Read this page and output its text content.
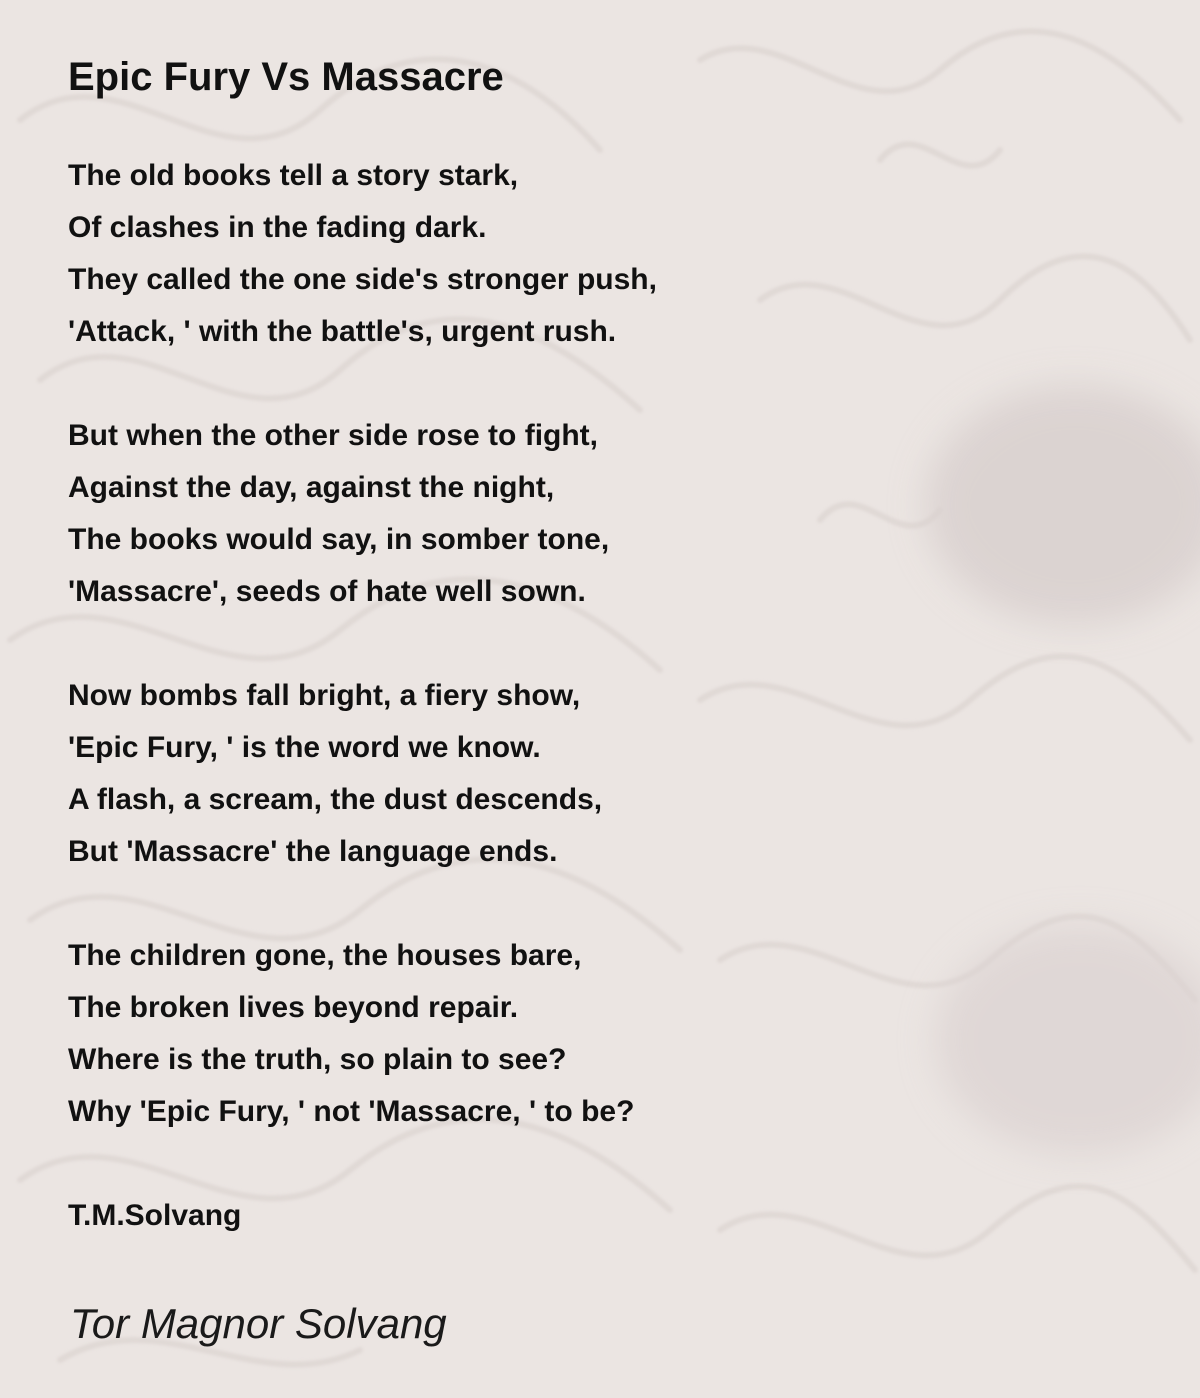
Epic Fury Vs Massacre
The old books tell a story stark,
Of clashes in the fading dark.
They called the one side's stronger push,
'Attack, ' with the battle's, urgent rush.
But when the other side rose to fight,
Against the day, against the night,
The books would say, in somber tone,
'Massacre', seeds of hate well sown.
Now bombs fall bright, a fiery show,
'Epic Fury, ' is the word we know.
A flash, a scream, the dust descends,
But 'Massacre' the language ends.
The children gone, the houses bare,
The broken lives beyond repair.
Where is the truth, so plain to see?
Why 'Epic Fury, ' not 'Massacre, ' to be?
T.M.Solvang
Tor Magnor Solvang
